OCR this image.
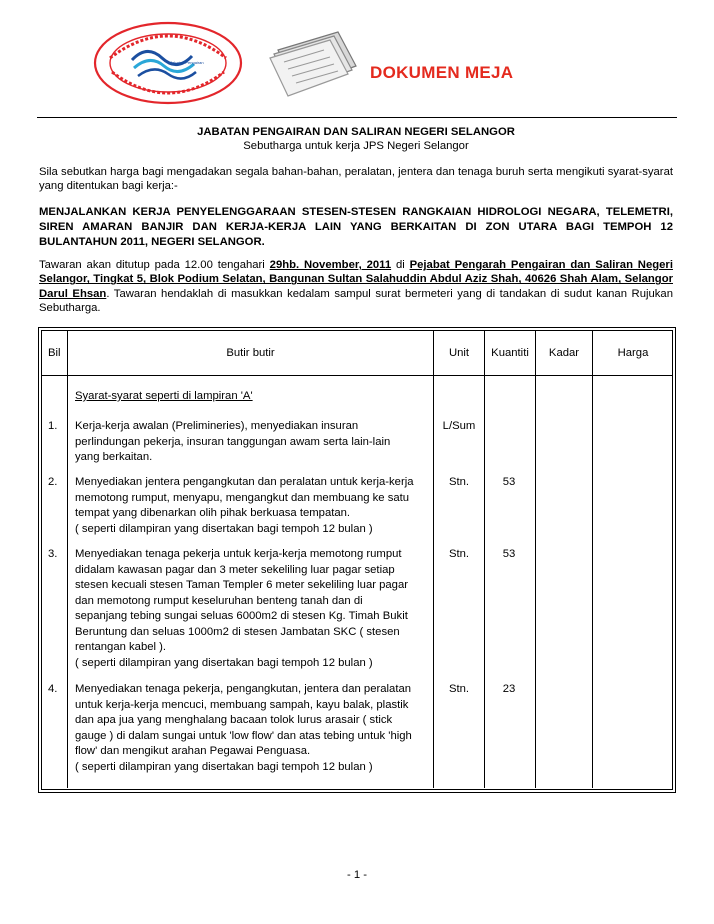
Jabatan Pengairan
DOKUMEN MEJA
JABATAN PENGAIRAN DAN SALIRAN NEGERI SELANGOR
Sebutharga untuk kerja JPS Negeri Selangor
Sila sebutkan harga bagi mengadakan segala bahan-bahan, peralatan, jentera dan tenaga buruh serta mengikuti syarat-syarat yang ditentukan bagi kerja:-
MENJALANKAN KERJA PENYELENGGARAAN STESEN-STESEN RANGKAIAN HIDROLOGI NEGARA, TELEMETRI, SIREN AMARAN BANJIR DAN KERJA-KERJA LAIN YANG BERKAITAN DI ZON UTARA BAGI TEMPOH 12 BULANTAHUN 2011, NEGERI SELANGOR.
Tawaran akan ditutup pada 12.00 tengahari 29hb. November, 2011 di Pejabat Pengarah Pengairan dan Saliran Negeri Selangor, Tingkat 5, Blok Podium Selatan, Bangunan Sultan Salahuddin Abdul Aziz Shah, 40626 Shah Alam, Selangor Darul Ehsan. Tawaran hendaklah di masukkan kedalam sampul surat bermeteri yang di tandakan di sudut kanan Rujukan Sebutharga.
Bil	Butir butir	Unit	Kuantiti	Kadar	Harga
Syarat-syarat seperti di lampiran 'A'
1.	Kerja-kerja awalan (Prelimineries), menyediakan insuran
perlindungan pekerja, insuran tanggungan awam serta lain-lain
yang berkaitan.
L/Sum
2.	Menyediakan jentera pengangkutan dan peralatan untuk kerja-kerja
memotong rumput, menyapu, mengangkut dan membuang ke satu
tempat yang dibenarkan olih pihak berkuasa tempatan.
( seperti dilampiran yang disertakan bagi tempoh 12 bulan )
Stn.	53
3.	Menyediakan tenaga pekerja untuk kerja-kerja memotong rumput
didalam kawasan pagar dan 3 meter sekeliling luar pagar setiap
stesen kecuali stesen Taman Templer 6 meter sekeliling luar pagar
dan memotong rumput keseluruhan benteng tanah dan di
sepanjang tebing sungai seluas 6000m2 di stesen Kg. Timah Bukit
Beruntung dan seluas 1000m2 di stesen Jambatan SKC ( stesen
rentangan kabel ).
( seperti dilampiran yang disertakan bagi tempoh 12 bulan )
Stn.	53
4.	Menyediakan tenaga pekerja, pengangkutan, jentera dan peralatan
untuk kerja-kerja mencuci, membuang sampah, kayu balak, plastik
dan apa jua yang menghalang bacaan tolok lurus arasair ( stick
gauge ) di dalam sungai untuk 'low flow' dan atas tebing untuk 'high
flow' dan mengikut arahan Pegawai Penguasa.
( seperti dilampiran yang disertakan bagi tempoh 12 bulan )
Stn.	23
- 1 -
